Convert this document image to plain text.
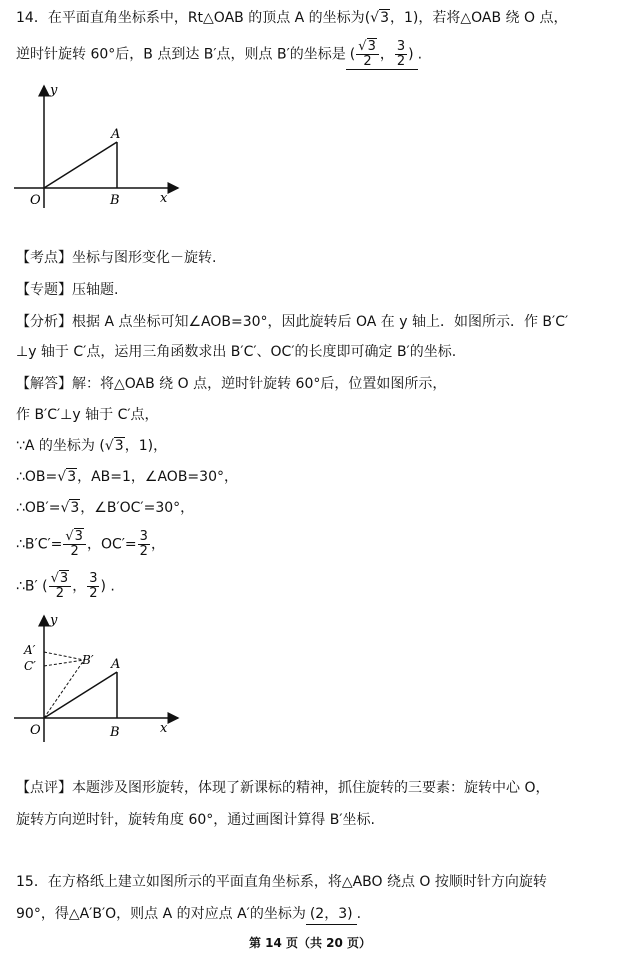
14．在平面直角坐标系中，Rt△OAB 的顶点 A 的坐标为(√3，1)，若将△OAB 绕 O 点，
逆时针旋转 60°后，B 点到达 B′点，则点 B′的坐标是 ( $\frac{√3}{2}$ ， $\frac{3}{2}$ ) .
y
x
O
A
B
【考点】坐标与图形变化－旋转.
【专题】压轴题.
【分析】根据 A 点坐标可知∠AOB=30°，因此旋转后 OA 在 y 轴上．如图所示．作 B′C′
⊥y 轴于 C′点，运用三角函数求出 B′C′、OC′的长度即可确定 B′的坐标.
【解答】解：将△OAB 绕 O 点，逆时针旋转 60°后，位置如图所示，
作 B′C′⊥y 轴于 C′点，
∵A 的坐标为 (√3，1)，
∴OB=√3，AB=1，∠AOB=30°，
∴OB′=√3，∠B′OC′=30°，
∴B′C′= $\frac{√3}{2}$ ，$OC'= \frac{3}{2}$ ，
∴B′ ( $\frac{√3}{2}$ ， $\frac{3}{2}$ ) .
y
x
O
A
B
A′
C′	B′
【点评】本题涉及图形旋转，体现了新课标的精神，抓住旋转的三要素：旋转中心 O，
旋转方向逆时针，旋转角度 60°，通过画图计算得 B′坐标.
15．在方格纸上建立如图所示的平面直角坐标系，将△ABO 绕点 O 按顺时针方向旋转
90°，得△A′B′O，则点 A 的对应点 A′的坐标为 (2，3) .
第 14 页（共 20 页）
